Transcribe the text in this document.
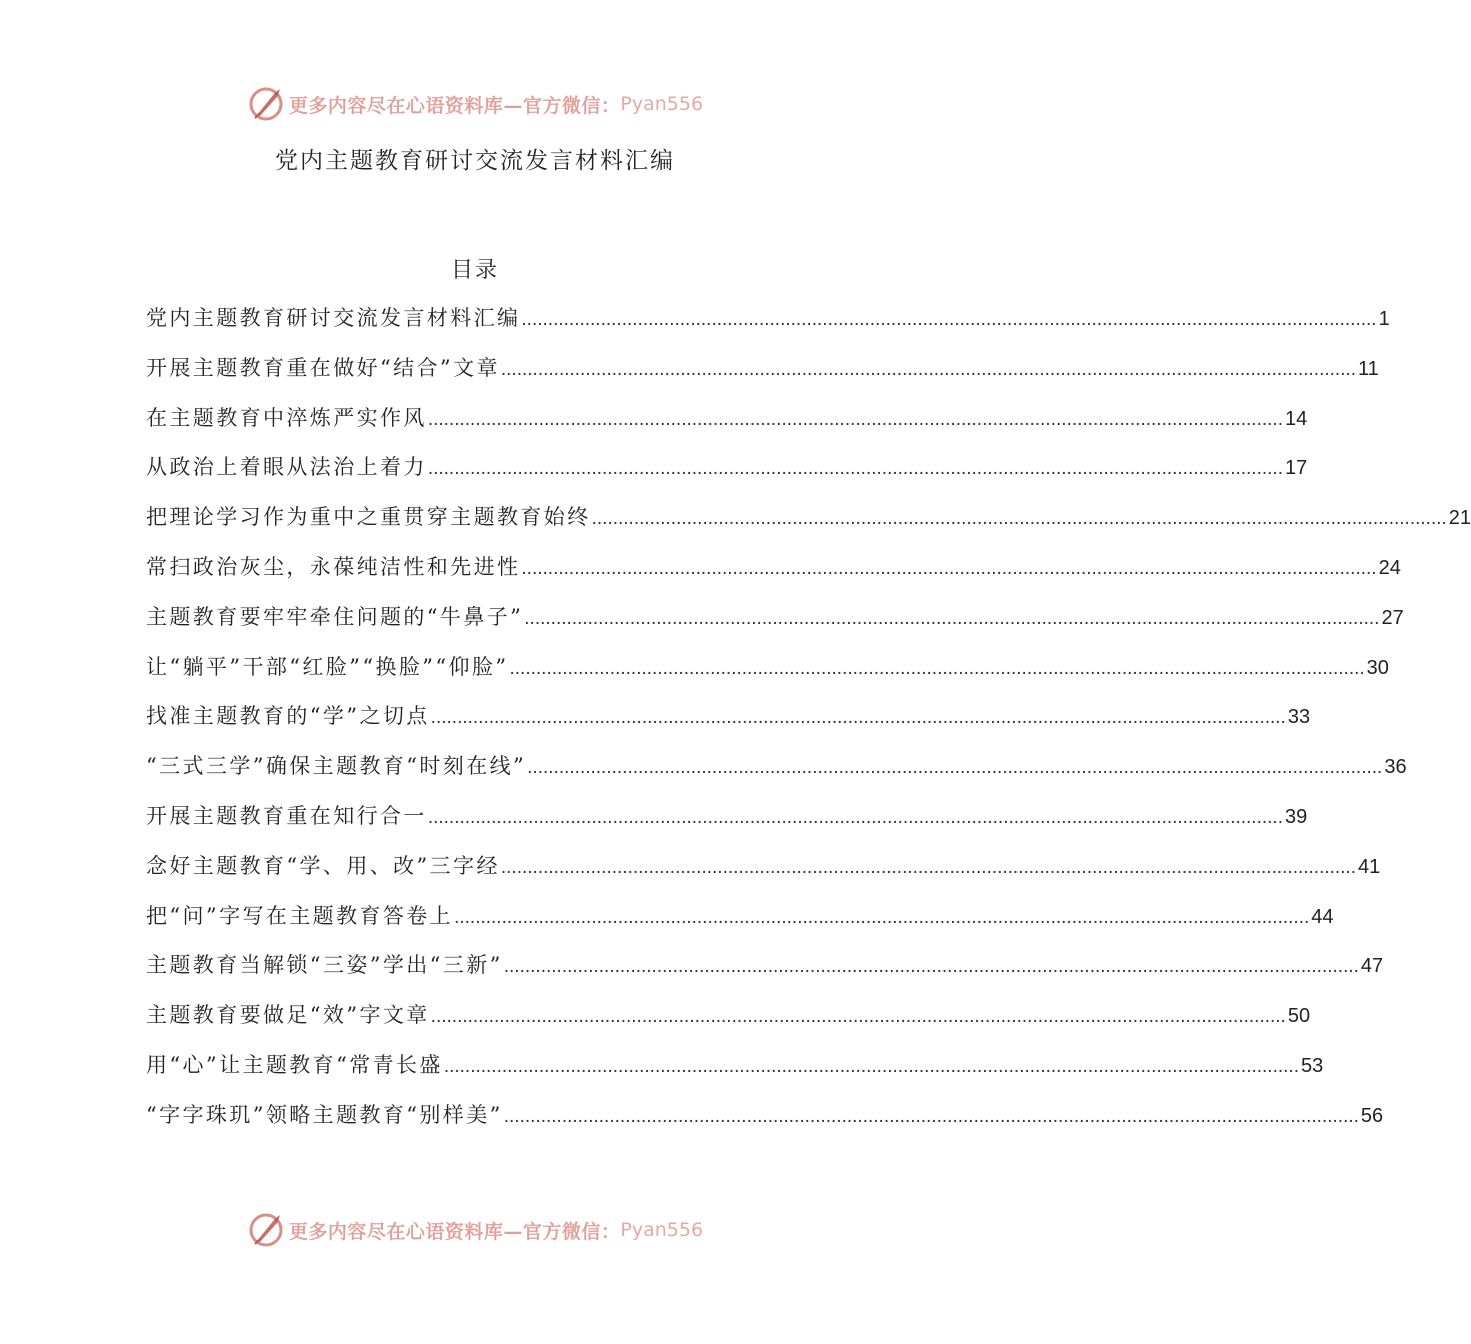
更多内容尽在心语资料库—官方微信： Pyan556
党内主题教育研讨交流发言材料汇编
目录
党内主题教育研讨交流发言材料汇编 .................................................................................................................................................................. 1
开展主题教育重在做好“结合”文章 .................................................................................................................................................................. 11
在主题教育中淬炼严实作风 .................................................................................................................................................................. 14
从政治上着眼从法治上着力 .................................................................................................................................................................. 17
把理论学习作为重中之重贯穿主题教育始终 .................................................................................................................................................................. 21
常扫政治灰尘，永葆纯洁性和先进性 .................................................................................................................................................................. 24
主题教育要牢牢牵住问题的“牛鼻子” .................................................................................................................................................................. 27
让“躺平”干部“红脸”“换脸”“仰脸” .................................................................................................................................................................. 30
找准主题教育的“学”之切点 .................................................................................................................................................................. 33
“三式三学”确保主题教育“时刻在线” .................................................................................................................................................................. 36
开展主题教育重在知行合一 .................................................................................................................................................................. 39
念好主题教育“学、用、改”三字经 .................................................................................................................................................................. 41
把“问”字写在主题教育答卷上 .................................................................................................................................................................. 44
主题教育当解锁“三姿”学出“三新” .................................................................................................................................................................. 47
主题教育要做足“效”字文章 .................................................................................................................................................................. 50
用“心”让主题教育“常青长盛 .................................................................................................................................................................. 53
“字字珠玑”领略主题教育“别样美” .................................................................................................................................................................. 56
更多内容尽在心语资料库—官方微信： Pyan556
